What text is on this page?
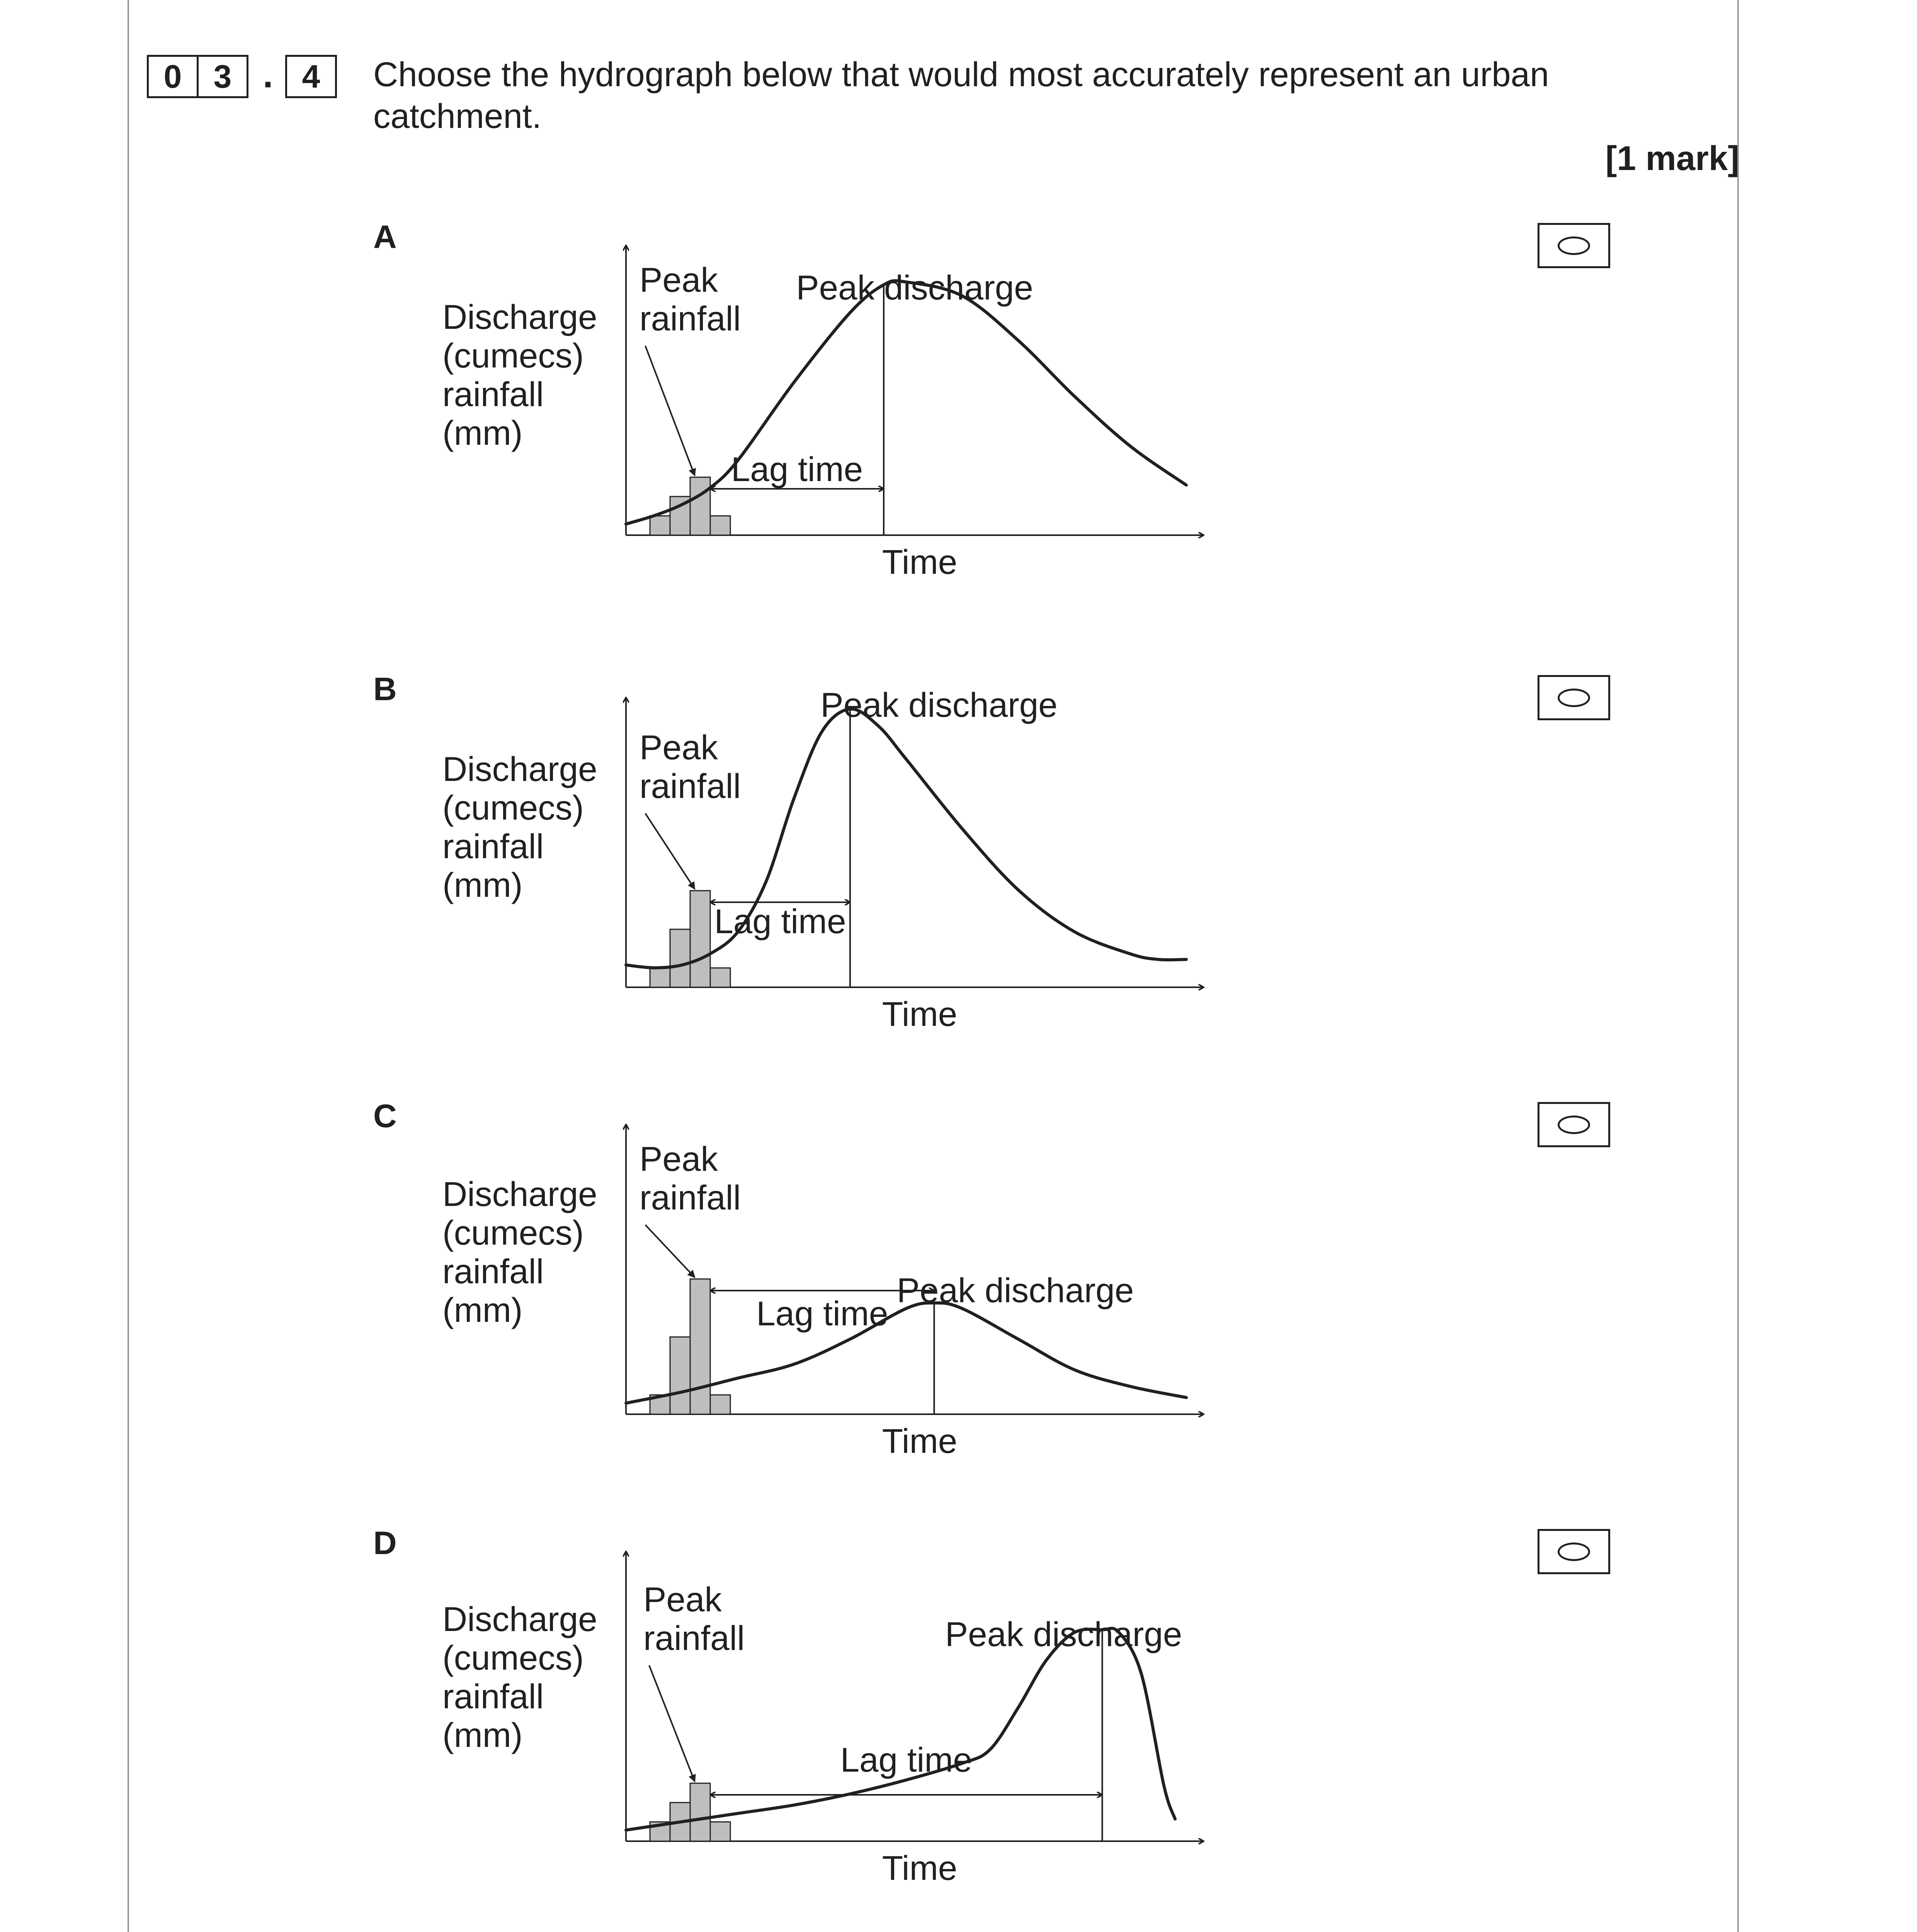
0 3 . 4	Choose the hydrograph below that would most accurately represent an urban catchment.
[1 mark]
A
Discharge
(cumecs)
rainfall
(mm)
Lag time
Peak
rainfall
Peak discharge
Time
B
Discharge
(cumecs)
rainfall
(mm)
Lag time
Peak
rainfall
Peak discharge
Time
C
Discharge
(cumecs)
rainfall
(mm)	Lag time
Peak
rainfall
Peak discharge
Time
D
Discharge
(cumecs)
rainfall
(mm)
Lag time
Peak
rainfall	Peak discharge
Time
